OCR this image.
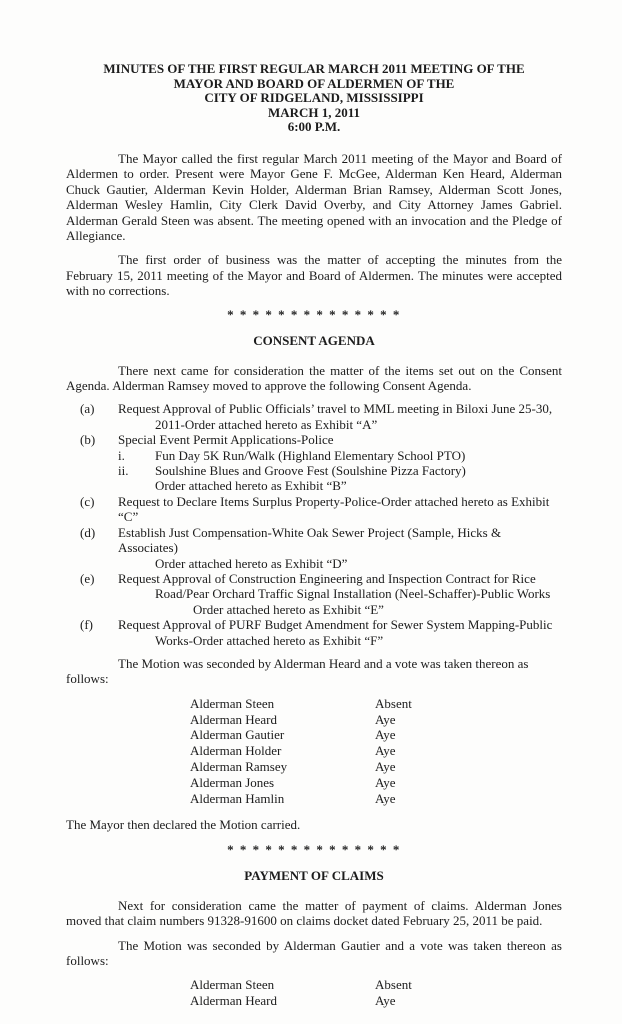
MINUTES OF THE FIRST REGULAR MARCH 2011 MEETING OF THE
MAYOR AND BOARD OF ALDERMEN OF THE
CITY OF RIDGELAND, MISSISSIPPI
MARCH 1, 2011
6:00 P.M.

The Mayor called the first regular March 2011 meeting of the Mayor and Board of Aldermen to order. Present were Mayor Gene F. McGee, Alderman Ken Heard, Alderman Chuck Gautier, Alderman Kevin Holder, Alderman Brian Ramsey, Alderman Scott Jones, Alderman Wesley Hamlin, City Clerk David Overby, and City Attorney James Gabriel. Alderman Gerald Steen was absent. The meeting opened with an invocation and the Pledge of Allegiance.

The first order of business was the matter of accepting the minutes from the February 15, 2011 meeting of the Mayor and Board of Aldermen. The minutes were accepted with no corrections.

* * * * * * * * * * * * * *
CONSENT AGENDA

There next came for consideration the matter of the items set out on the Consent Agenda. Alderman Ramsey moved to approve the following Consent Agenda.

(a) Request Approval of Public Officials’ travel to MML meeting in Biloxi June 25-30,
2011-Order attached hereto as Exhibit “A”
(b) Special Event Permit Applications-Police
i. Fun Day 5K Run/Walk (Highland Elementary School PTO)
ii. Soulshine Blues and Groove Fest (Soulshine Pizza Factory)
Order attached hereto as Exhibit “B”
(c) Request to Declare Items Surplus Property-Police-Order attached hereto as Exhibit “C”
(d) Establish Just Compensation-White Oak Sewer Project (Sample, Hicks & Associates)
Order attached hereto as Exhibit “D”
(e) Request Approval of Construction Engineering and Inspection Contract for Rice
Road/Pear Orchard Traffic Signal Installation (Neel-Schaffer)-Public Works
Order attached hereto as Exhibit “E”
(f) Request Approval of PURF Budget Amendment for Sewer System Mapping-Public
Works-Order attached hereto as Exhibit “F”
The Motion was seconded by Alderman Heard and a vote was taken thereon as follows:
Alderman Steen	Absent
Alderman Heard	Aye
Alderman Gautier	Aye
Alderman Holder	Aye
Alderman Ramsey	Aye
Alderman Jones	Aye
Alderman Hamlin	Aye
The Mayor then declared the Motion carried.
* * * * * * * * * * * * * *
PAYMENT OF CLAIMS

Next for consideration came the matter of payment of claims. Alderman Jones moved that claim numbers 91328-91600 on claims docket dated February 25, 2011 be paid.

The Motion was seconded by Alderman Gautier and a vote was taken thereon as follows:

Alderman Steen	Absent
Alderman Heard	Aye
